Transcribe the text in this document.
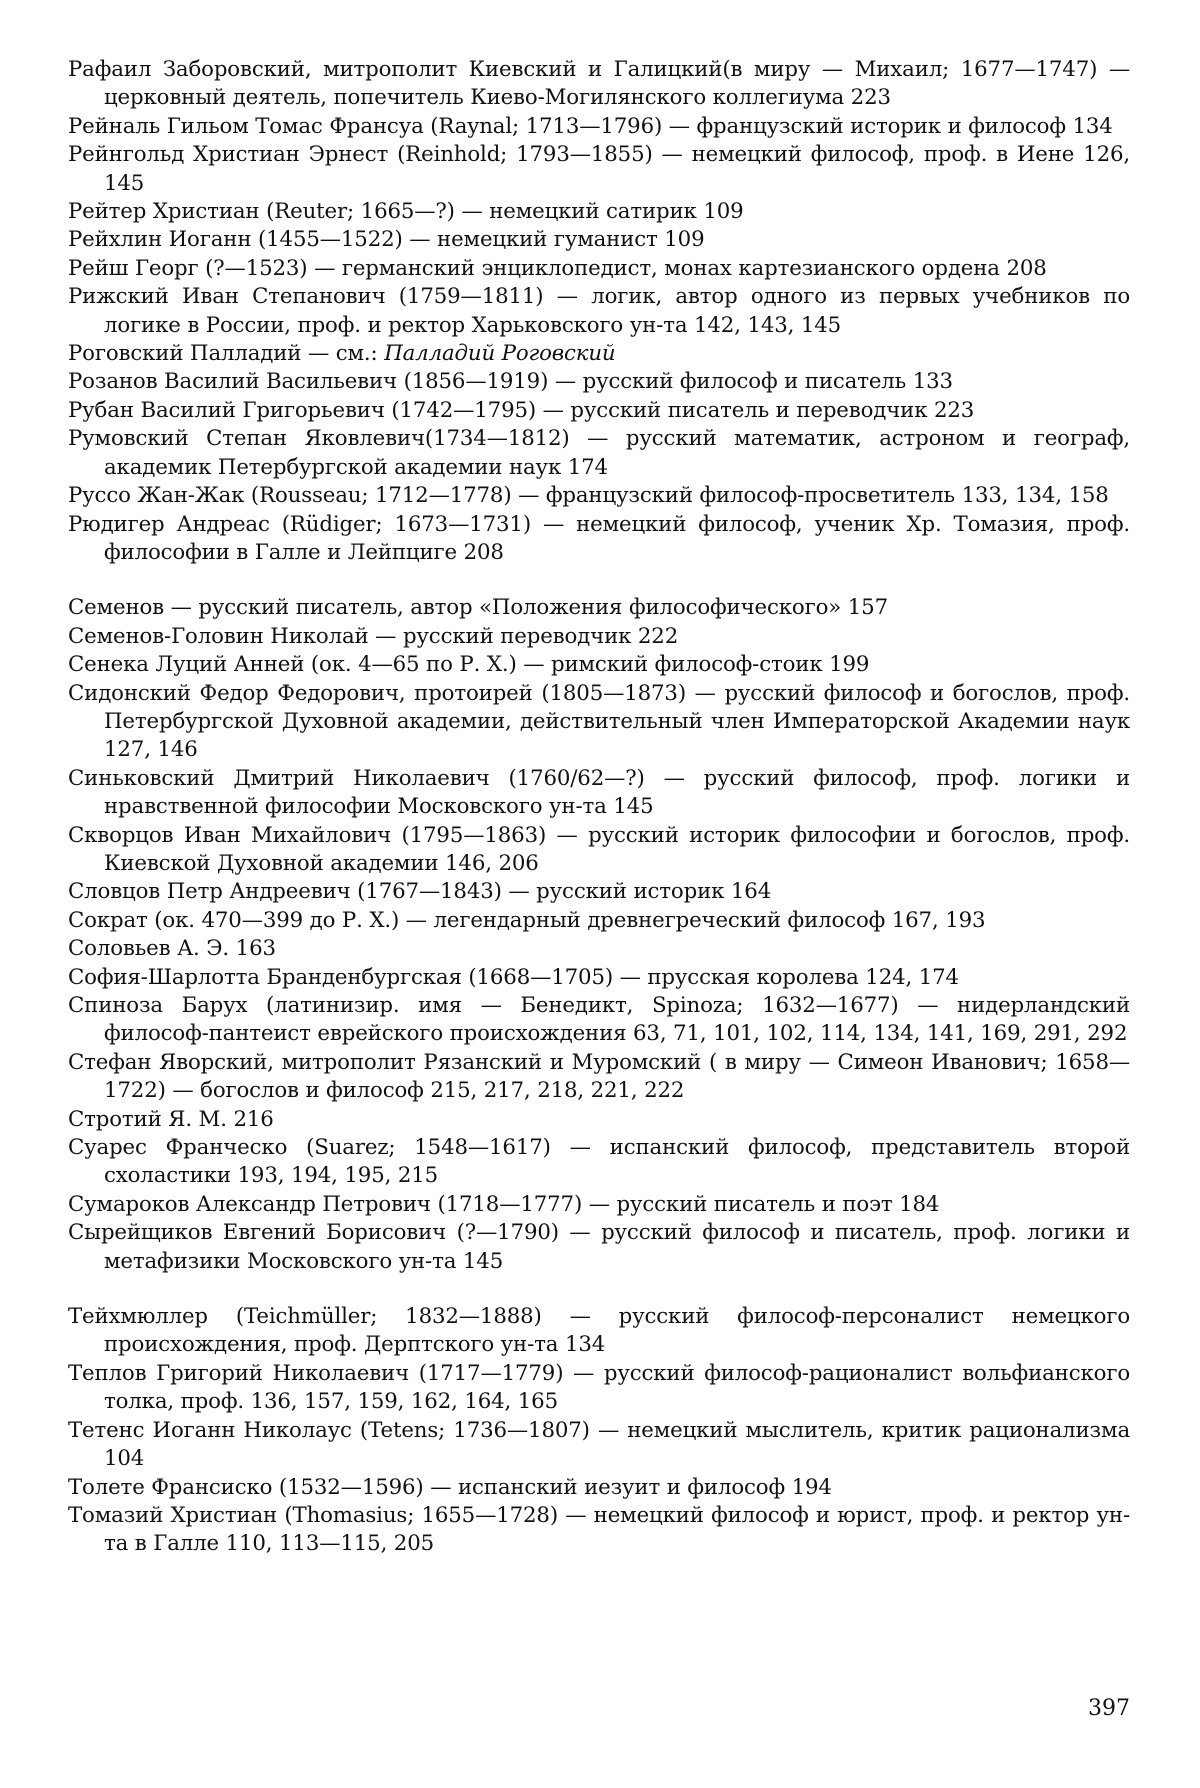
Рафаил Заборовский, митрополит Киевский и Галицкий(в миру — Михаил; 1677—1747) — церковный деятель, попечитель Киево-Могилянского коллегиума 223

Рейналь Гильом Томас Франсуа (Raynal; 1713—1796) — французский историк и философ 134

Рейнгольд Христиан Эрнест (Reinhold; 1793—1855) — немецкий философ, проф. в Иене 126, 145

Рейтер Христиан (Reuter; 1665—?) — немецкий сатирик 109

Рейхлин Иоганн (1455—1522) — немецкий гуманист 109

Рейш Георг (?—1523) — германский энциклопедист, монах картезианского ордена 208

Рижский Иван Степанович (1759—1811) — логик, автор одного из первых учебников по логике в России, проф. и ректор Харьковского ун-та 142, 143, 145

Роговский Палладий — см.: Палладий Роговский

Розанов Василий Васильевич (1856—1919) — русский философ и писатель 133

Рубан Василий Григорьевич (1742—1795) — русский писатель и переводчик 223

Румовский Степан Яковлевич(1734—1812) — русский математик, астроном и географ, академик Петербургской академии наук 174

Руссо Жан-Жак (Rousseau; 1712—1778) — французский философ-просветитель 133, 134, 158

Рюдигер Андреас (Rüdiger; 1673—1731) — немецкий философ, ученик Хр. Томазия, проф. философии в Галле и Лейпциге 208

Семенов — русский писатель, автор «Положения философического» 157

Семенов-Головин Николай — русский переводчик 222

Сенека Луций Анней (ок. 4—65 по Р. Х.) — римский философ-стоик 199

Сидонский Федор Федорович, протоирей (1805—1873) — русский философ и богослов, проф. Петербургской Духовной академии, действительный член Императорской Академии наук 127, 146

Синьковский Дмитрий Николаевич (1760/62—?) — русский философ, проф. логики и нравственной философии Московского ун-та 145

Скворцов Иван Михайлович (1795—1863) — русский историк философии и богослов, проф. Киевской Духовной академии 146, 206

Словцов Петр Андреевич (1767—1843) — русский историк 164

Сократ (ок. 470—399 до Р. Х.) — легендарный древнегреческий философ 167, 193

Соловьев А. Э. 163

София-Шарлотта Бранденбургская (1668—1705) — прусская королева 124, 174

Спиноза Барух (латинизир. имя — Бенедикт, Spinoza; 1632—1677) — нидерландский философ-пантеист еврейского происхождения 63, 71, 101, 102, 114, 134, 141, 169, 291, 292

Стефан Яворский, митрополит Рязанский и Муромский ( в миру — Симеон Иванович; 1658—1722) — богослов и философ 215, 217, 218, 221, 222

Стротий Я. М. 216

Суарес Франческо (Suarez; 1548—1617) — испанский философ, представитель второй схоластики 193, 194, 195, 215

Сумароков Александр Петрович (1718—1777) — русский писатель и поэт 184

Сырейщиков Евгений Борисович (?—1790) — русский философ и писатель, проф. логики и метафизики Московского ун-та 145

Тейхмюллер (Teichmüller; 1832—1888) — русский философ-персоналист немецкого происхождения, проф. Дерптского ун-та 134

Теплов Григорий Николаевич (1717—1779) — русский философ-рационалист вольфианского толка, проф. 136, 157, 159, 162, 164, 165

Тетенс Иоганн Николаус (Tetens; 1736—1807) — немецкий мыслитель, критик рационализма 104

Толете Франсиско (1532—1596) — испанский иезуит и философ 194

Томазий Христиан (Thomasius; 1655—1728) — немецкий философ и юрист, проф. и ректор ун-та в Галле 110, 113—115, 205

397
